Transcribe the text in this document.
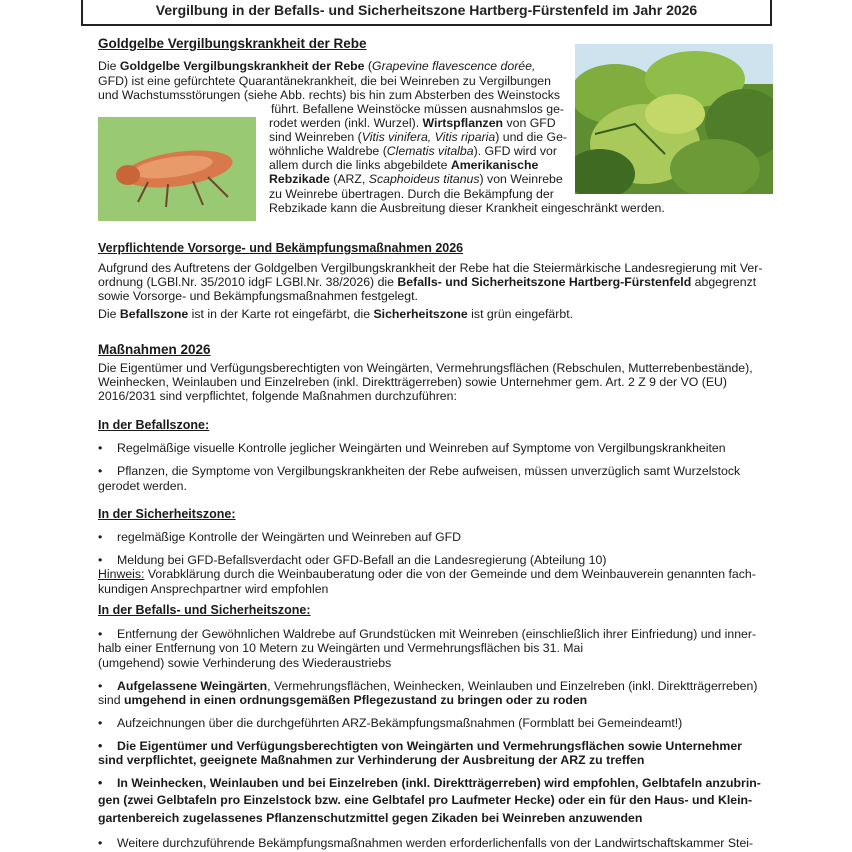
Vergilbung in der Befalls- und Sicherheitszone Hartberg-Fürstenfeld im Jahr 2026
Goldgelbe Vergilbungskrankheit der Rebe
Die Goldgelbe Vergilbungskrankheit der Rebe (Grapevine flavescence dorée,
GFD) ist eine gefürchtete Quarantänekrankheit, die bei Weinreben zu Vergilbungen
und Wachstumsstörungen (siehe Abb. rechts) bis hin zum Absterben des Weinstocks
führt. Befallene Weinstöcke müssen ausnahmslos ge-
rodet werden (inkl. Wurzel). Wirtspflanzen von GFD
sind Weinreben (Vitis vinifera, Vitis riparia) und die Ge-
wöhnliche Waldrebe (Clematis vitalba). GFD wird vor
allem durch die links abgebildete Amerikanische
Rebzikade (ARZ, Scaphoideus titanus) von Weinrebe
zu Weinrebe übertragen. Durch die Bekämpfung der
Rebzikade kann die Ausbreitung dieser Krankheit eingeschränkt werden.
Verpflichtende Vorsorge- und Bekämpfungsmaßnahmen 2026
Aufgrund des Auftretens der Goldgelben Vergilbungskrankheit der Rebe hat die Steiermärkische Landesregierung mit Ver-
ordnung (LGBl.Nr. 35/2010 idgF LGBl.Nr. 38/2026) die Befalls- und Sicherheitszone Hartberg-Fürstenfeld abgegrenzt
sowie Vorsorge- und Bekämpfungsmaßnahmen festgelegt.
Die Befallszone ist in der Karte rot eingefärbt, die Sicherheitszone ist grün eingefärbt.
Maßnahmen 2026
Die Eigentümer und Verfügungsberechtigten von Weingärten, Vermehrungsflächen (Rebschulen, Mutterrebenbestände),
Weinhecken, Weinlauben und Einzelreben (inkl. Direktträgerreben) sowie Unternehmer gem. Art. 2 Z 9 der VO (EU)
2016/2031 sind verpflichtet, folgende Maßnahmen durchzuführen:
In der Befallszone:
• Regelmäßige visuelle Kontrolle jeglicher Weingärten und Weinreben auf Symptome von Vergilbungskrankheiten
• Pflanzen, die Symptome von Vergilbungskrankheiten der Rebe aufweisen, müssen unverzüglich samt Wurzelstock
gerodet werden.
In der Sicherheitszone:
• regelmäßige Kontrolle der Weingärten und Weinreben auf GFD
• Meldung bei GFD-Befallsverdacht oder GFD-Befall an die Landesregierung (Abteilung 10)
Hinweis: Vorabklärung durch die Weinbauberatung oder die von der Gemeinde und dem Weinbauverein genannten fach-
kundigen Ansprechpartner wird empfohlen
In der Befalls- und Sicherheitszone:
• Entfernung der Gewöhnlichen Waldrebe auf Grundstücken mit Weinreben (einschließlich ihrer Einfriedung) und inner-
halb einer Entfernung von 10 Metern zu Weingärten und Vermehrungsflächen bis 31. Mai
(umgehend) sowie Verhinderung des Wiederaustriebs
• Aufgelassene Weingärten, Vermehrungsflächen, Weinhecken, Weinlauben und Einzelreben (inkl. Direktträgerreben)
sind umgehend in einen ordnungsgemäßen Pflegezustand zu bringen oder zu roden
• Aufzeichnungen über die durchgeführten ARZ-Bekämpfungsmaßnahmen (Formblatt bei Gemeindeamt!)
• Die Eigentümer und Verfügungsberechtigten von Weingärten und Vermehrungsflächen sowie Unternehmer
sind verpflichtet, geeignete Maßnahmen zur Verhinderung der Ausbreitung der ARZ zu treffen
• In Weinhecken, Weinlauben und bei Einzelreben (inkl. Direktträgerreben) wird empfohlen, Gelbtafeln anzubrin-
gen (zwei Gelbtafeln pro Einzelstock bzw. eine Gelbtafel pro Laufmeter Hecke) oder ein für den Haus- und Klein-
gartenbereich zugelassenes Pflanzenschutzmittel gegen Zikaden bei Weinreben anzuwenden
• Weitere durchzuführende Bekämpfungsmaßnahmen werden erforderlichenfalls von der Landwirtschaftskammer Stei-
